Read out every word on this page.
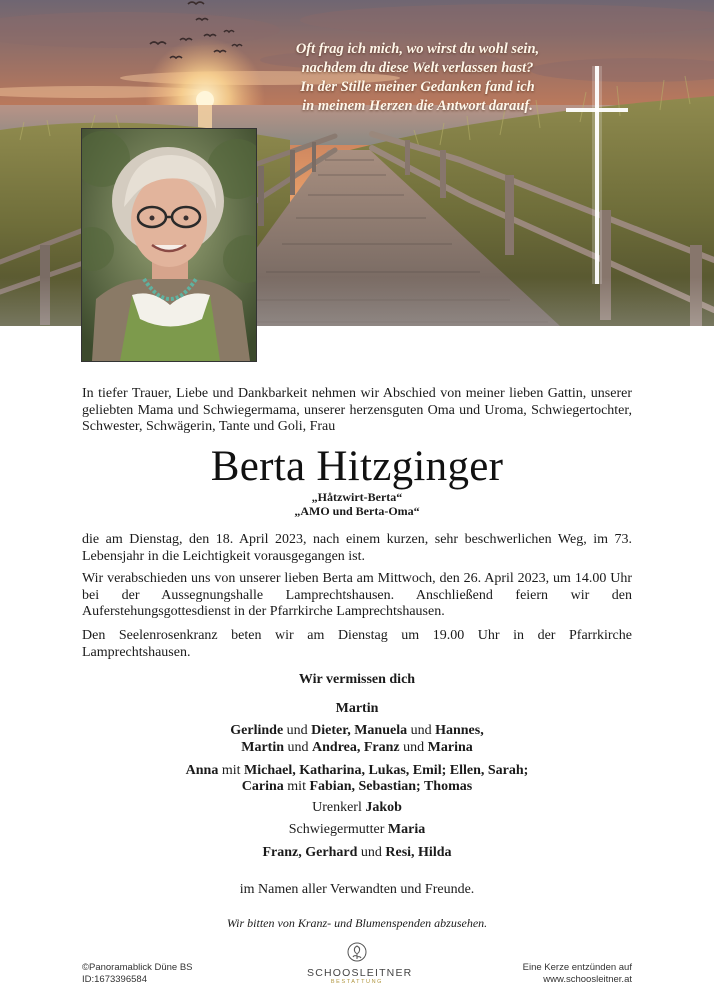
Oft frag ich mich, wo wirst du wohl sein,
nachdem du diese Welt verlassen hast?
In der Stille meiner Gedanken fand ich
in meinem Herzen die Antwort darauf.
In tiefer Trauer, Liebe und Dankbarkeit nehmen wir Abschied von meiner lieben Gattin, unserer geliebten Mama und Schwiegermama, unserer herzensguten Oma und Uroma, Schwiegertochter, Schwester, Schwägerin, Tante und Goli, Frau
Berta Hitzginger
„Håtzwirt-Berta“
„AMO und Berta-Oma“
die am Dienstag, den 18. April 2023, nach einem kurzen, sehr beschwerlichen Weg, im 73. Lebensjahr in die Leichtigkeit vorausgegangen ist.
Wir verabschieden uns von unserer lieben Berta am Mittwoch, den 26. April 2023, um 14.00 Uhr bei der Aussegnungshalle Lamprechtshausen. Anschließend feiern wir den Auferstehungsgottesdienst in der Pfarrkirche Lamprechtshausen.
Den Seelenrosenkranz beten wir am Dienstag um 19.00 Uhr in der Pfarrkirche Lamprechtshausen.
Wir vermissen dich
Martin
Gerlinde und Dieter, Manuela und Hannes,
Martin und Andrea, Franz und Marina
Anna mit Michael, Katharina, Lukas, Emil; Ellen, Sarah;
Carina mit Fabian, Sebastian; Thomas
Urenkerl Jakob
Schwiegermutter Maria
Franz, Gerhard und Resi, Hilda
im Namen aller Verwandten und Freunde.
Wir bitten von Kranz- und Blumenspenden abzusehen.
©Panoramablick Düne BS
ID:1673396584
SCHOOSLEITNER
BESTATTUNG
Eine Kerze entzünden auf
www.schoosleitner.at
